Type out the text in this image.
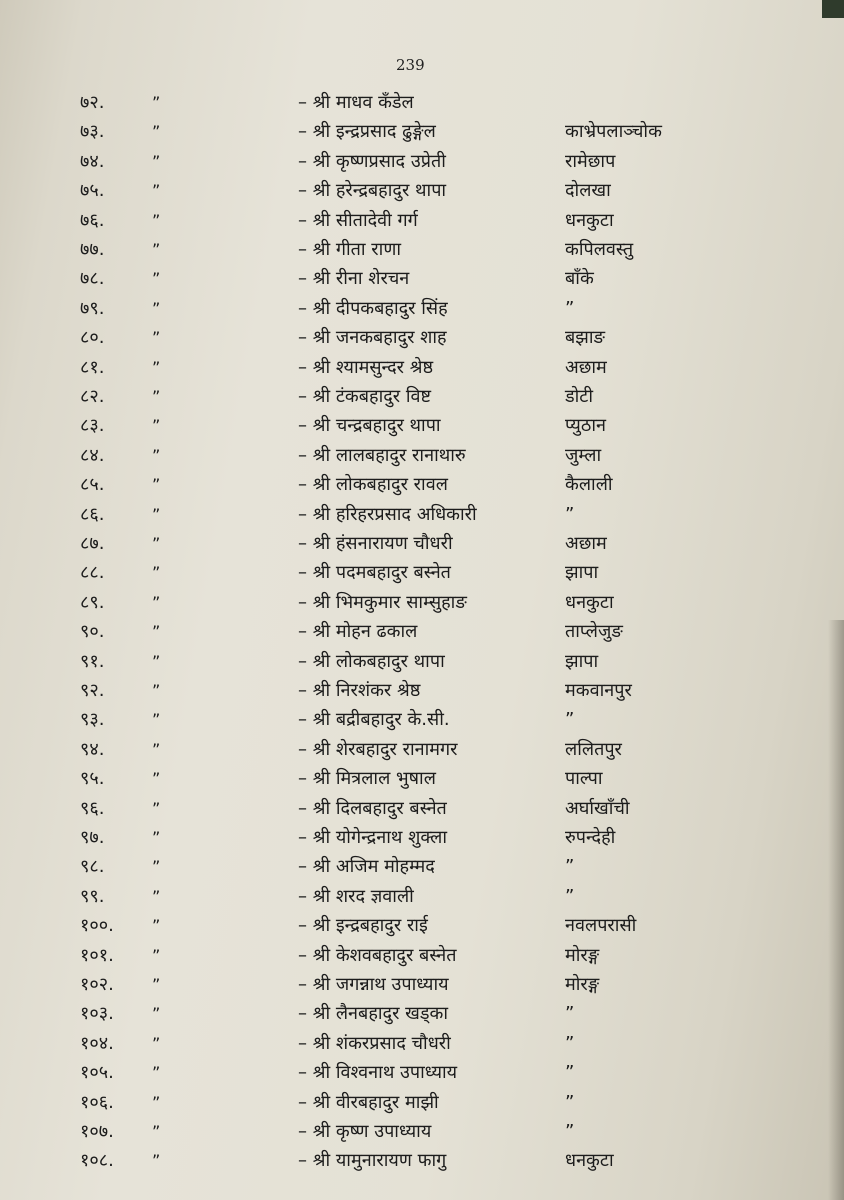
239
७२.	”	– श्री माधव कँडेल
७३.	”	– श्री इन्द्रप्रसाद ढुङ्गेल	काभ्रेपलाञ्चोक
७४.	”	– श्री कृष्णप्रसाद उप्रेती	रामेछाप
७५.	”	– श्री हरेन्द्रबहादुर थापा	दोलखा
७६.	”	– श्री सीतादेवी गर्ग	धनकुटा
७७.	”	– श्री गीता राणा	कपिलवस्तु
७८.	”	– श्री रीना शेरचन	बाँके
७९.	”	– श्री दीपकबहादुर सिंह	”
८०.	”	– श्री जनकबहादुर शाह	बझाङ
८१.	”	– श्री श्यामसुन्दर श्रेष्ठ	अछाम
८२.	”	– श्री टंकबहादुर विष्ट	डोटी
८३.	”	– श्री चन्द्रबहादुर थापा	प्युठान
८४.	”	– श्री लालबहादुर रानाथारु	जुम्ला
८५.	”	– श्री लोकबहादुर रावल	कैलाली
८६.	”	– श्री हरिहरप्रसाद अधिकारी	”
८७.	”	– श्री हंसनारायण चौधरी	अछाम
८८.	”	– श्री पदमबहादुर बस्नेत	झापा
८९.	”	– श्री भिमकुमार साम्सुहाङ	धनकुटा
९०.	”	– श्री मोहन ढकाल	ताप्लेजुङ
९१.	”	– श्री लोकबहादुर थापा	झापा
९२.	”	– श्री निरशंकर श्रेष्ठ	मकवानपुर
९३.	”	– श्री बद्रीबहादुर के.सी.	”
९४.	”	– श्री शेरबहादुर रानामगर	ललितपुर
९५.	”	– श्री मित्रलाल भुषाल	पाल्पा
९६.	”	– श्री दिलबहादुर बस्नेत	अर्घाखाँची
९७.	”	– श्री योगेन्द्रनाथ शुक्ला	रुपन्देही
९८.	”	– श्री अजिम मोहम्मद	”
९९.	”	– श्री शरद ज्ञवाली	”
१००. ”	– श्री इन्द्रबहादुर राई	नवलपरासी
१०१. ”	– श्री केशवबहादुर बस्नेत	मोरङ्ग
१०२. ”	– श्री जगन्नाथ उपाध्याय	मोरङ्ग
१०३. ”	– श्री लैनबहादुर खड्का	”
१०४. ”	– श्री शंकरप्रसाद चौधरी	”
१०५. ”	– श्री विश्वनाथ उपाध्याय	”
१०६. ”	– श्री वीरबहादुर माझी	”
१०७. ”	– श्री कृष्ण उपाध्याय	”
१०८. ”	– श्री यामुनारायण फागु	धनकुटा
